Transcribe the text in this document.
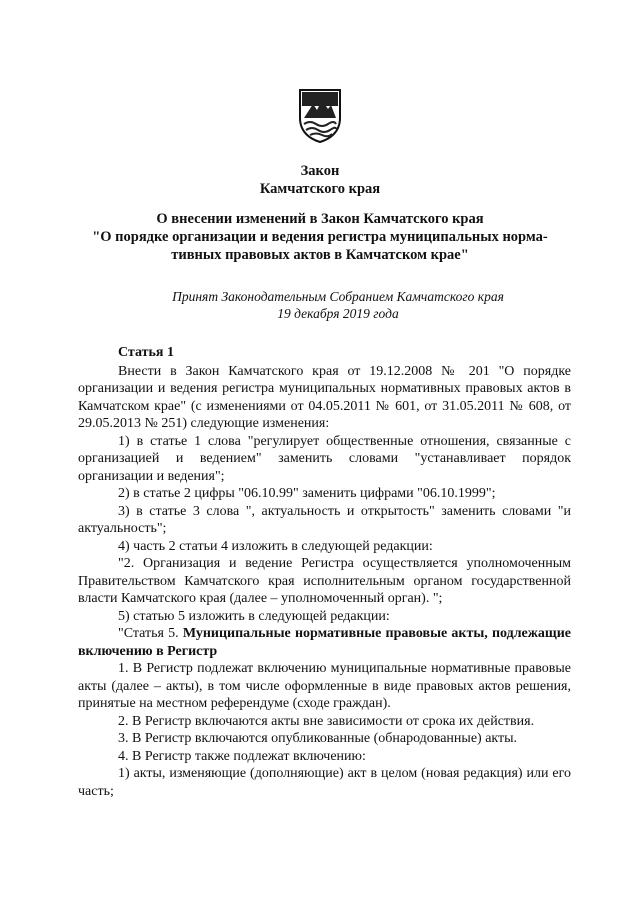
Закон
Камчатского края
О внесении изменений в Закон Камчатского края
"О порядке организации и ведения регистра муниципальных норма-
тивных правовых актов в Камчатском крае"
Принят Законодательным Собранием Камчатского края
19 декабря 2019 года

Статья 1

Внести в Закон Камчатского края от 19.12.2008 № 201 "О порядке организации и ведения регистра муниципальных нормативных правовых актов в Камчатском крае" (с изменениями от 04.05.2011 № 601, от 31.05.2011 № 608, от 29.05.2013 № 251) следующие изменения:

1) в статье 1 слова "регулирует общественные отношения, связанные с организацией и ведением" заменить словами "устанавливает порядок организации и ведения";

2) в статье 2 цифры "06.10.99" заменить цифрами "06.10.1999";

3) в статье 3 слова ", актуальность и открытость" заменить словами "и актуальность";

4) часть 2 статьи 4 изложить в следующей редакции:

"2. Организация и ведение Регистра осуществляется уполномоченным Правительством Камчатского края исполнительным органом государственной власти Камчатского края (далее – уполномоченный орган). ";

5) статью 5 изложить в следующей редакции:

"Статья 5. Муниципальные нормативные правовые акты, подлежащие включению в Регистр

1. В Регистр подлежат включению муниципальные нормативные правовые акты (далее – акты), в том числе оформленные в виде правовых актов решения, принятые на местном референдуме (сходе граждан).

2. В Регистр включаются акты вне зависимости от срока их действия.

3. В Регистр включаются опубликованные (обнародованные) акты.

4. В Регистр также подлежат включению:

1) акты, изменяющие (дополняющие) акт в целом (новая редакция) или его часть;
